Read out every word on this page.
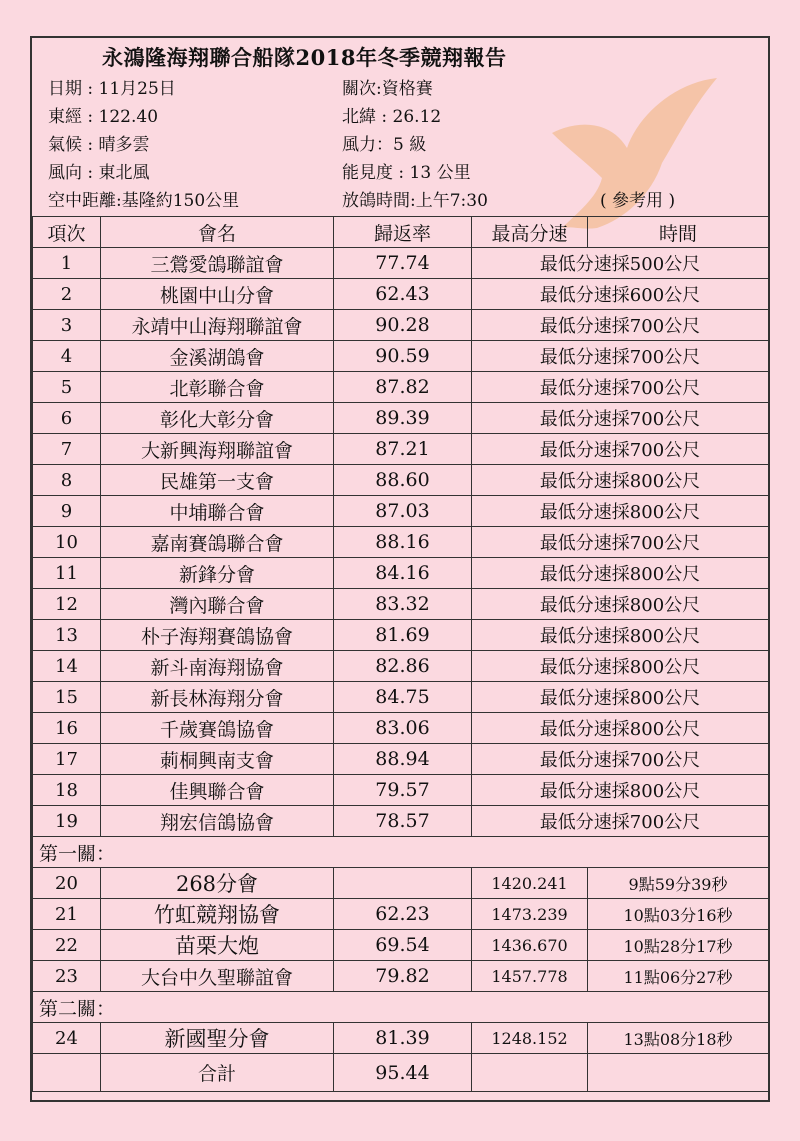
永鴻隆海翔聯合船隊2018年冬季競翔報告
日期 : 11月25日	關次:資格賽
東經 : 122.40	北緯 : 26.12
氣候 : 晴多雲	風力：5 級
風向 : 東北風	能見度 : 13 公里
空中距離:基隆約150公里	放鴿時間:上午7:30	( 參考用 )
項次	會名	歸返率	最高分速	時間
1	三鶯愛鴿聯誼會	77.74	最低分速採500公尺	
2	桃園中山分會	62.43	最低分速採600公尺	
3	永靖中山海翔聯誼會	90.28	最低分速採700公尺	
4	金溪湖鴿會	90.59	最低分速採700公尺	
5	北彰聯合會	87.82	最低分速採700公尺	
6	彰化大彰分會	89.39	最低分速採700公尺	
7	大新興海翔聯誼會	87.21	最低分速採700公尺	
8	民雄第一支會	88.60	最低分速採800公尺	
9	中埔聯合會	87.03	最低分速採800公尺	
10	嘉南賽鴿聯合會	88.16	最低分速採700公尺	
11	新鋒分會	84.16	最低分速採800公尺	
12	灣內聯合會	83.32	最低分速採800公尺	
13	朴子海翔賽鴿協會	81.69	最低分速採800公尺	
14	新斗南海翔協會	82.86	最低分速採800公尺	
15	新長林海翔分會	84.75	最低分速採800公尺	
16	千歲賽鴿協會	83.06	最低分速採800公尺	
17	莿桐興南支會	88.94	最低分速採700公尺	
18	佳興聯合會	79.57	最低分速採800公尺	
19	翔宏信鴿協會	78.57	最低分速採700公尺	
第一關：				
20	268分會		1420.241	9點59分39秒
21	竹虹競翔協會	62.23	1473.239	10點03分16秒
22	苗栗大炮	69.54	1436.670	10點28分17秒
23	大台中久聖聯誼會	79.82	1457.778	11點06分27秒
第二關：				
24	新國聖分會	81.39	1248.152	13點08分18秒
	合計	95.44		
